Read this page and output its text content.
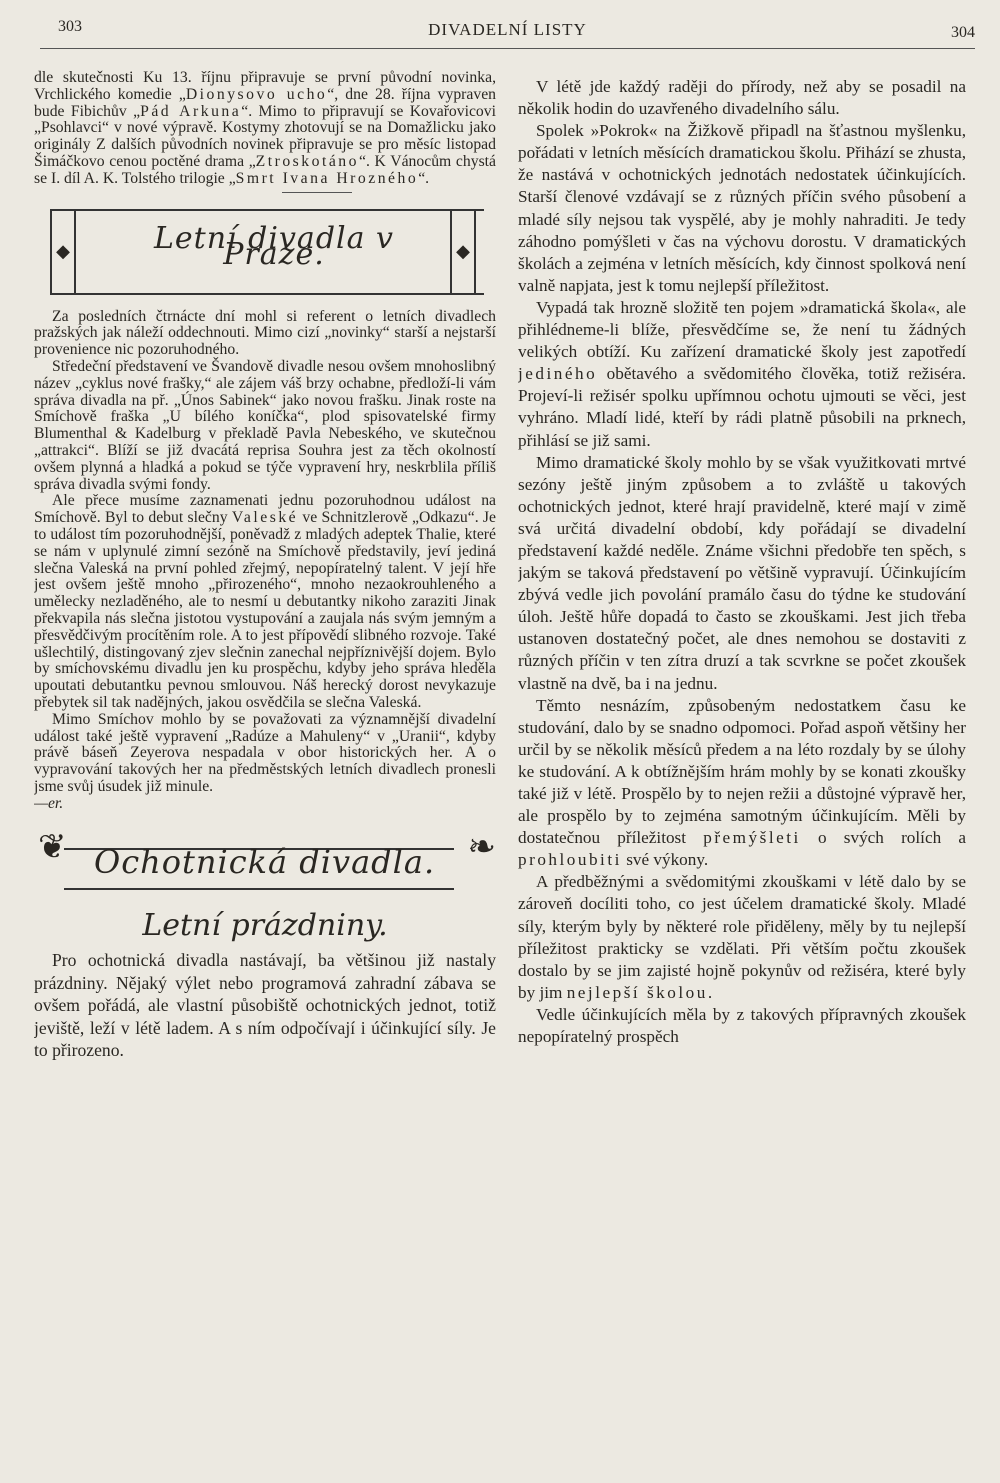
303	DIVADELNÍ LISTY	304

dle skutečnosti Ku 13. říjnu připravuje se první původní novinka, Vrchlického komedie „Dionysovo ucho“, dne 28. října vypraven bude Fibichův „Pád Arkuna“. Mimo to připravují se Kovařovicovi „Psohlavci“ v nové výpravě. Kostymy zhotovují se na Domažlicku jako originály Z dalších původních novinek připravuje se pro měsíc listopad Šimáčkovo cenou poctěné drama „Ztroskotáno“. K Vánocům chystá se I. díl A. K. Tolstého trilogie „Smrt Ivana Hrozného“.

◆	◆
Letní divadla v Praze.

Za posledních čtrnácte dní mohl si referent o letních divadlech pražských jak náleží oddechnouti. Mimo cizí „novinky“ starší a nejstarší provenience nic pozoruhodného.

Středeční představení ve Švandově divadle nesou ovšem mnohoslibný název „cyklus nové frašky,“ ale zájem váš brzy ochabne, předloží-li vám správa divadla na př. „Únos Sabinek“ jako novou frašku. Jinak roste na Smíchově fraška „U bílého koníčka“, plod spisovatelské firmy Blumenthal & Kadelburg v překladě Pavla Nebeského, ve skutečnou „attrakci“. Blíží se již dvacátá reprisa Souhra jest za těch okolností ovšem plynná a hladká a pokud se týče vypravení hry, neskrblila příliš správa divadla svými fondy.

Ale přece musíme zaznamenati jednu pozoruhodnou událost na Smíchově. Byl to debut slečny Valeské ve Schnitzlerově „Odkazu“. Je to událost tím pozoruhodnější, poněvadž z mladých adeptek Thalie, které se nám v uplynulé zimní sezóně na Smíchově představily, jeví jediná slečna Valeská na první pohled zřejmý, nepopíratelný talent. V její hře jest ovšem ještě mnoho „přirozeného“, mnoho nezaokrouhleného a umělecky nezladěného, ale to nesmí u debutantky nikoho zaraziti Jinak překvapila nás slečna jistotou vystupování a zaujala nás svým jemným a přesvědčivým procítěním role. A to jest přípovědí slibného rozvoje. Také ušlechtilý, distingovaný zjev slečnin zanechal nejpříznivější dojem. Bylo by smíchovskému divadlu jen ku prospěchu, kdyby jeho správa hleděla upoutati debutantku pevnou smlouvou. Náš herecký dorost nevykazuje přebytek sil tak nadějných, jakou osvědčila se slečna Valeská.

Mimo Smíchov mohlo by se považovati za významnější divadelní událost také ještě vypravení „Radúze a Mahuleny“ v „Uranii“, kdyby právě báseň Zeyerova nespadala v obor historických her. A o vypravování takových her na předměstských letních divadlech pronesli jsme svůj úsudek již minule.

—er.

❦	❧
Ochotnická divadla.
Letní prázdniny.

Pro ochotnická divadla nastávají, ba většinou již nastaly prázdniny. Nějaký výlet nebo programová zahradní zábava se ovšem pořádá, ale vlastní působiště ochotnických jednot, totiž jeviště, leží v létě ladem. A s ním odpočívají i účinkující síly. Je to přirozeno.

V létě jde každý raději do přírody, než aby se posadil na několik hodin do uzavřeného divadelního sálu.

Spolek »Pokrok« na Žižkově připadl na šťastnou myšlenku, pořádati v letních měsících dramatickou školu. Přihází se zhusta, že nastává v ochotnických jednotách nedostatek účinkujících. Starší členové vzdávají se z různých příčin svého působení a mladé síly nejsou tak vyspělé, aby je mohly nahraditi. Je tedy záhodno pomýšleti v čas na výchovu dorostu. V dramatických školách a zejména v letních měsících, kdy činnost spolková není valně napjata, jest k tomu nejlepší příležitost.

Vypadá tak hrozně složitě ten pojem »dramatická škola«, ale přihlédneme-li blíže, přesvědčíme se, že není tu žádných velikých obtíží. Ku zařízení dramatické školy jest zapotředí jediného obětavého a svědomitého člověka, totiž režiséra. Projeví-li režisér spolku upřímnou ochotu ujmouti se věci, jest vyhráno. Mladí lidé, kteří by rádi platně působili na prknech, přihlásí se již sami.

Mimo dramatické školy mohlo by se však využitkovati mrtvé sezóny ještě jiným způsobem a to zvláště u takových ochotnických jednot, které hrají pravidelně, které mají v zimě svá určitá divadelní období, kdy pořádají se divadelní představení každé neděle. Známe všichni předobře ten spěch, s jakým se taková představení po většině vypravují. Účinkujícím zbývá vedle jich povolání pramálo času do týdne ke studování úloh. Ještě hůře dopadá to často se zkouškami. Jest jich třeba ustanoven dostatečný počet, ale dnes nemohou se dostaviti z různých příčin v ten zítra druzí a tak scvrkne se počet zkoušek vlastně na dvě, ba i na jednu.

Těmto nesnázím, způsobeným nedostatkem času ke studování, dalo by se snadno odpomoci. Pořad aspoň většiny her určil by se několik měsíců předem a na léto rozdaly by se úlohy ke studování. A k obtížnějším hrám mohly by se konati zkoušky také již v létě. Prospělo by to nejen režii a důstojné výpravě her, ale prospělo by to zejména samotným účinkujícím. Měli by dostatečnou příležitost přemýšleti o svých rolích a prohloubiti své výkony.

A předběžnými a svědomitými zkouškami v létě dalo by se zároveň docíliti toho, co jest účelem dramatické školy. Mladé síly, kterým byly by některé role přiděleny, měly by tu nejlepší příležitost prakticky se vzdělati. Při větším počtu zkoušek dostalo by se jim zajisté hojně pokynův od režiséra, které byly by jim nejlepší školou.

Vedle účinkujících měla by z takových přípravných zkoušek nepopíratelný prospěch
